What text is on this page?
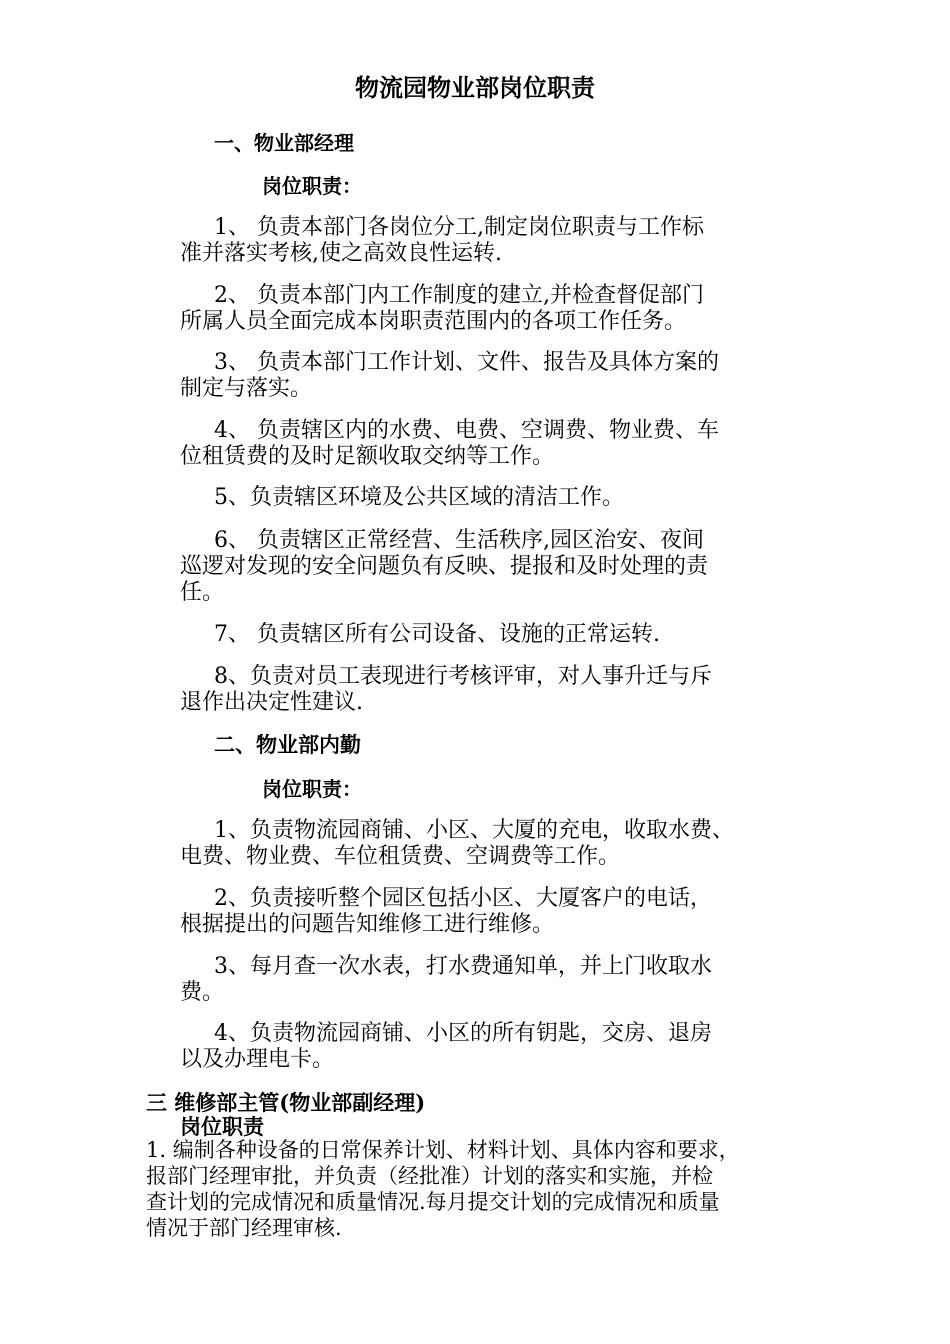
物流园物业部岗位职责
一、物业部经理
岗位职责：
1、 负责本部门各岗位分工,制定岗位职责与工作标
准并落实考核,使之高效良性运转.
2、 负责本部门内工作制度的建立,并检查督促部门
所属人员全面完成本岗职责范围内的各项工作任务。
3、 负责本部门工作计划、文件、报告及具体方案的
制定与落实。
4、 负责辖区内的水费、电费、空调费、物业费、车
位租赁费的及时足额收取交纳等工作。
5、负责辖区环境及公共区域的清洁工作。
6、 负责辖区正常经营、生活秩序,园区治安、夜间
巡逻对发现的安全问题负有反映、提报和及时处理的责
任。
7、 负责辖区所有公司设备、设施的正常运转.
8、负责对员工表现进行考核评审，对人事升迁与斥
退作出决定性建议.
二、物业部内勤
岗位职责：
1、负责物流园商铺、小区、大厦的充电，收取水费、
电费、物业费、车位租赁费、空调费等工作。
2、负责接听整个园区包括小区、大厦客户的电话，
根据提出的问题告知维修工进行维修。
3、每月查一次水表，打水费通知单，并上门收取水
费。
4、负责物流园商铺、小区的所有钥匙，交房、退房
以及办理电卡。
三 维修部主管(物业部副经理)
岗位职责
1. 编制各种设备的日常保养计划、材料计划、具体内容和要求，
报部门经理审批，并负责（经批准）计划的落实和实施，并检
查计划的完成情况和质量情况.每月提交计划的完成情况和质量
情况于部门经理审核.
